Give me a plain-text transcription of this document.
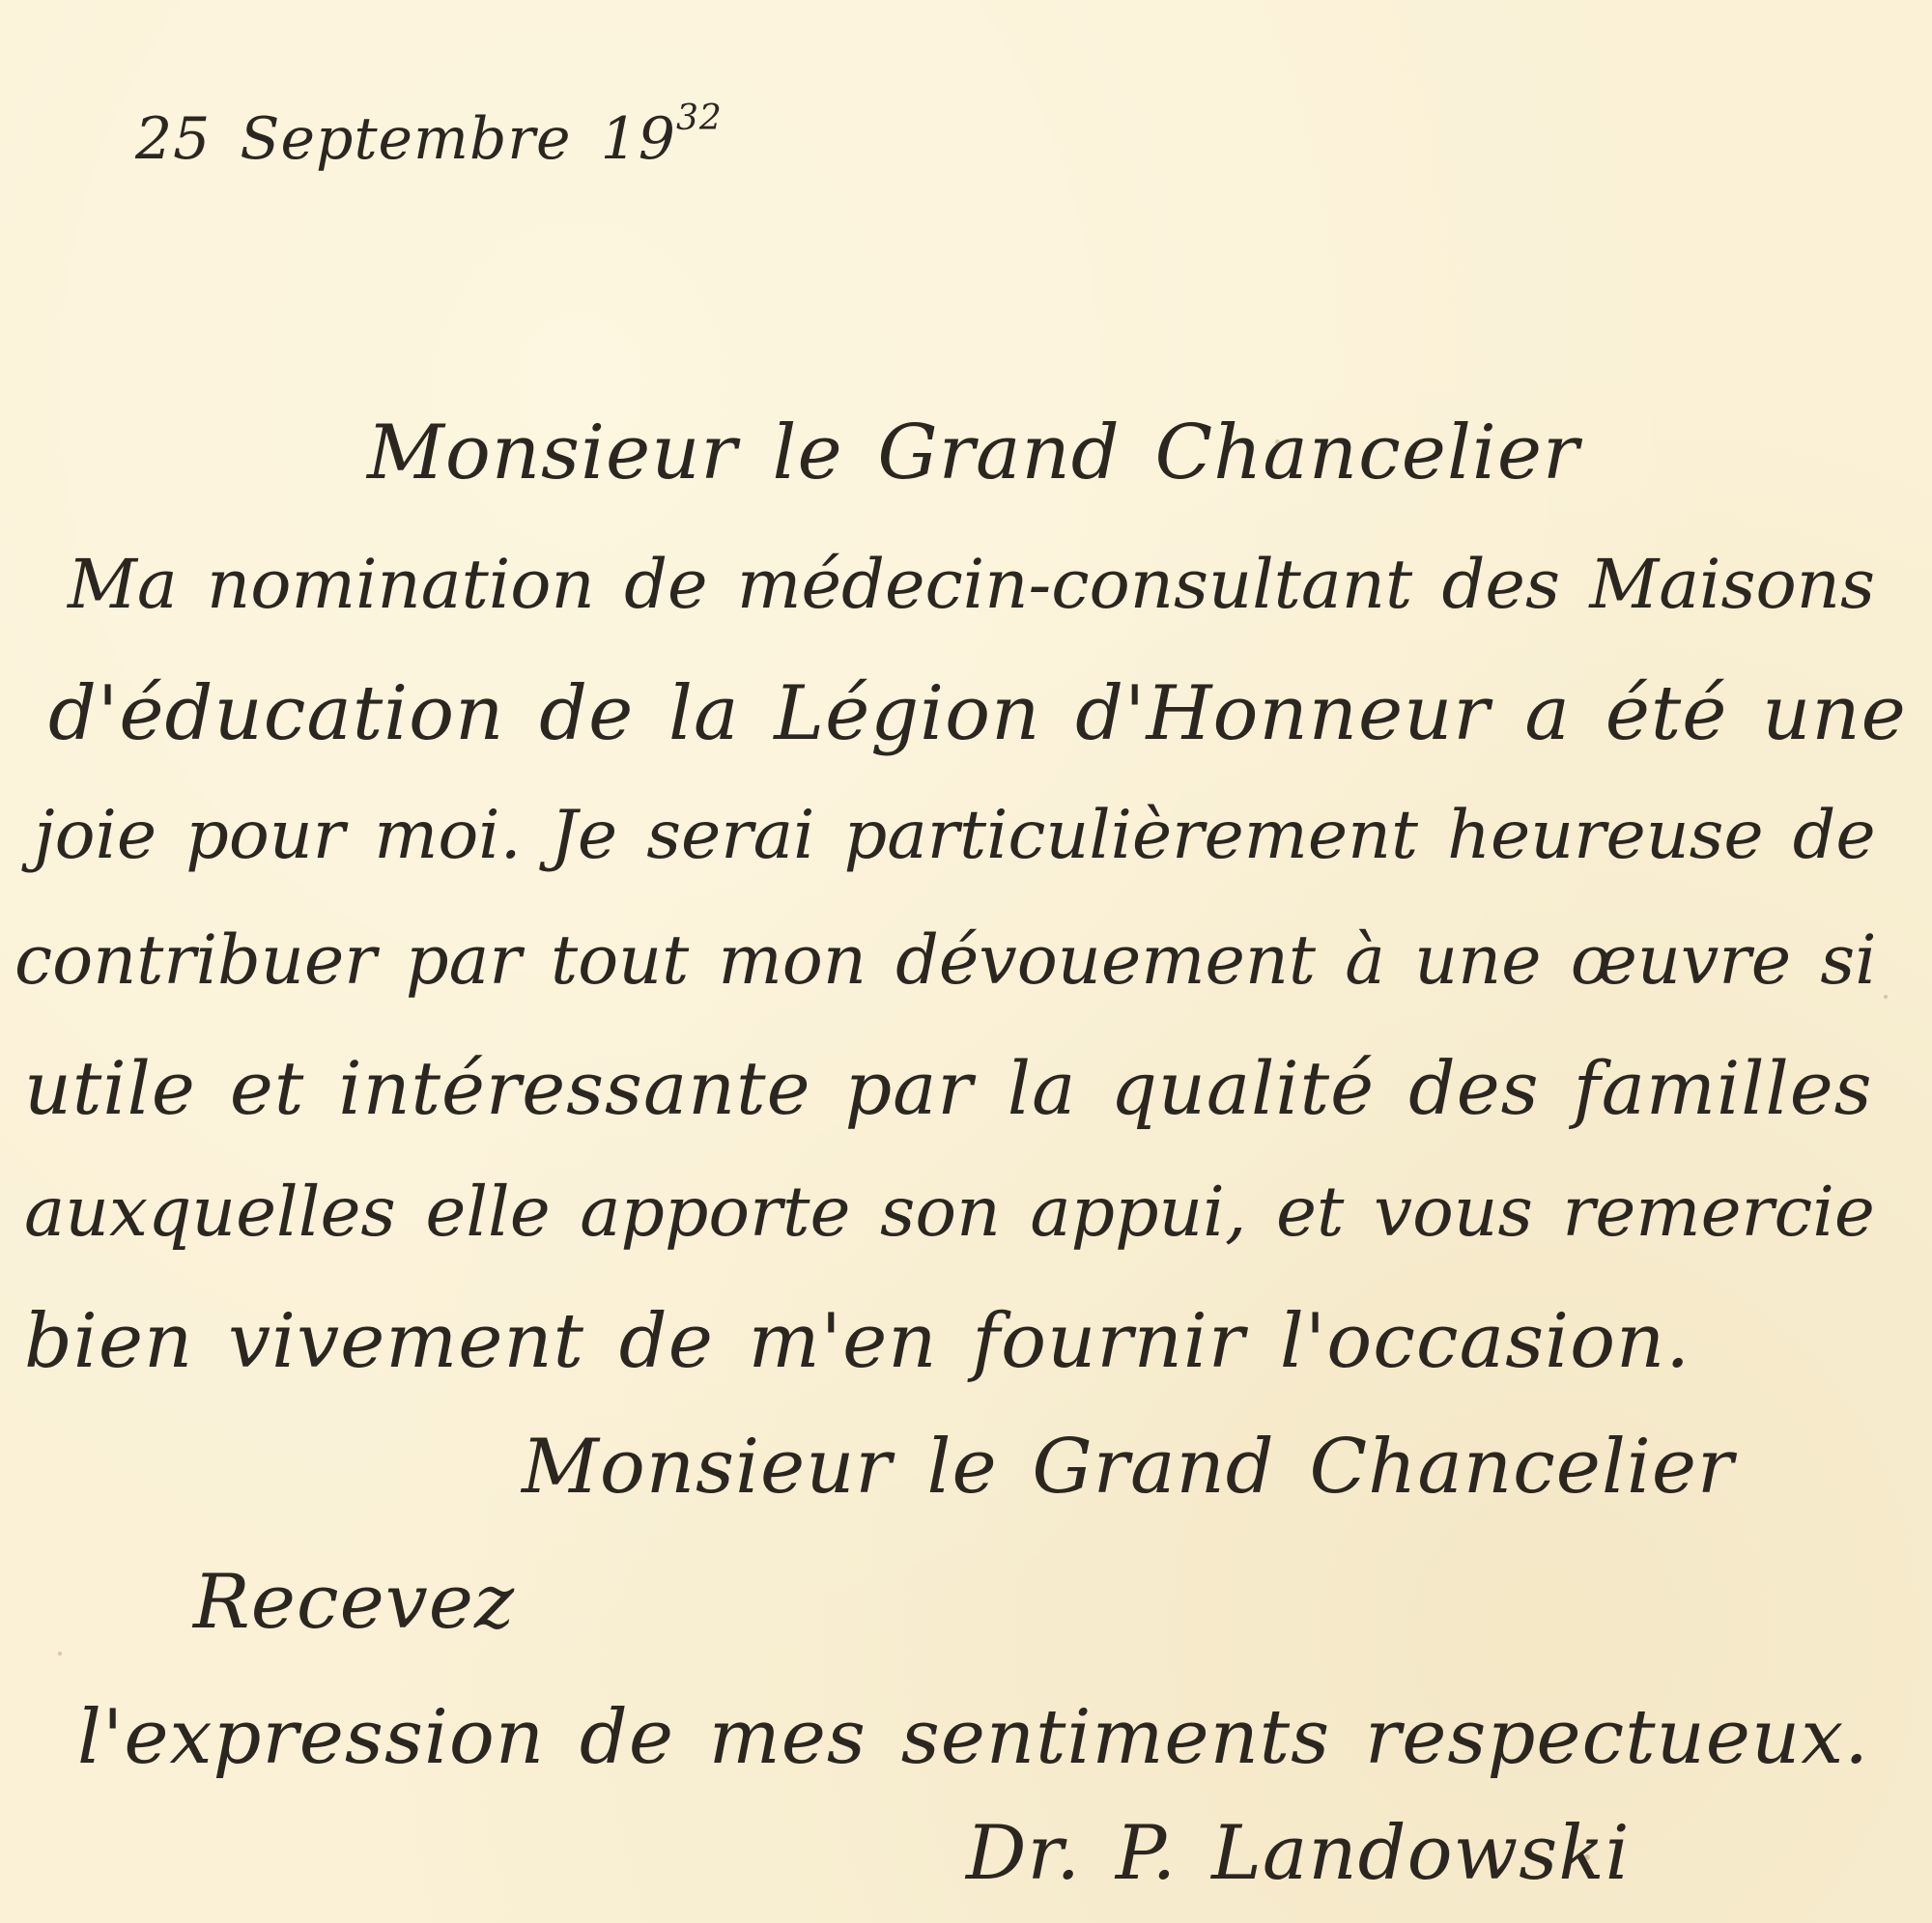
25 Septembre $19^{32}$
Monsieur le Grand Chancelier
Ma nomination de médecin-consultant des Maisons
d'éducation de la Légion d'Honneur a été une
joie pour moi. Je serai particulièrement heureuse de
contribuer par tout mon dévouement à une œuvre si
utile et intéressante par la qualité des familles
auxquelles elle apporte son appui, et vous remercie
bien vivement de m'en fournir l'occasion.
Monsieur le Grand Chancelier
Recevez
l'expression de mes sentiments respectueux.
Dr. P. Landowski
